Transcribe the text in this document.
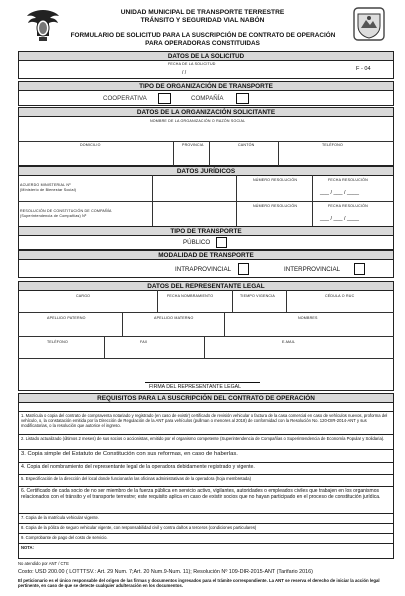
UNIDAD MUNICIPAL DE TRANSPORTE TERRESTRE
TRÁNSITO Y SEGURIDAD VIAL NABÓN
FORMULARIO DE SOLICITUD PARA LA SUSCRIPCIÓN DE CONTRATO DE OPERACIÓN
PARA OPERADORAS CONSTITUIDAS
DATOS DE LA SOLICITUD
FECHA DE LA SOLICITUD
/ /
F - 04
TIPO DE ORGANIZACIÓN DE TRANSPORTE
COOPERATIVA	COMPAÑÍA
DATOS DE LA ORGANIZACIÓN SOLICITANTE
NOMBRE DE LA ORGANIZACIÓN O RAZÓN SOCIAL
DOMICILIO	PROVINCIA	CANTÓN	TELÉFONO
DATOS JURÍDICOS
ACUERDO MINISTERIAL Nº
(Ministerio de Bienestar Social)
NÚMERO RESOLUCIÓN	FECHA RESOLUCIÓN
___ / ___ / ____
RESOLUCIÓN DE CONSTITUCIÓN DE COMPAÑÍA
(Superintendencia de Compañías) Nº
NÚMERO RESOLUCIÓN	FECHA RESOLUCIÓN
___ / ___ / ____
TIPO DE TRANSPORTE
PÚBLICO
MODALIDAD DE TRANSPORTE
INTRAPROVINCIAL	INTERPROVINCIAL
DATOS DEL REPRESENTANTE LEGAL
CARGO	FECHA NOMBRAMIENTO	TIEMPO VIGENCIA	CÉDULA O RUC
APELLIDO PATERNO	APELLIDO MATERNO	NOMBRES
TELÉFONO	FAX	E-MAIL
FIRMA DEL REPRESENTANTE LEGAL
REQUISITOS PARA LA SUSCRIPCIÓN DEL CONTRATO DE OPERACIÓN
1. Matrícula o copia del contrato de compraventa notariado y registrado (en caso de existir) certificado de revisión vehicular o factura de la casa comercial en caso de vehículos nuevos, proforma del vehículo, o, la constatación emitida por la Dirección de Regulación de la ANT para vehículos (pullman o menores al 2018) de conformidad con la Resolución No. 120-DIR-2014-ANT y sus modificatorias, o la resolución que autorice el ingreso.
2. Listado actualizado (últimos 2 meses) de sus socios o accionistas, emitido por el organismo competente (Superintendencia de Compañías o Superintendencia de Economía Popular y Solidaria).
3. Copia simple del Estatuto de Constitución con sus reformas, en caso de haberlas.
4. Copia del nombramiento del representante legal de la operadora debidamente registrado y vigente.
5. Especificación de la dirección del local donde funcionarán las oficinas administrativas de la operadora (hoja membretada)
6. Certificado de cada socio de no ser miembro de la fuerza pública en servicio activo, vigilantes, autoridades o empleados civiles que trabajen en los organismos relacionados con el tránsito y el transporte terrestre; este requisito aplica en caso de existir socios que no hayan participado en el proceso de constitución jurídica.
7. Copia de la matrícula vehicular vigente.
8. Copia de la póliza de seguro vehicular vigente, con responsabilidad civil y contra daños a terceros (condiciones particulares)
9. Comprobante de pago del costo de servicio.
NOTA:
No atendido por ANT / CTE
Costo: USD 200.00 ( LOTTTSV.: Art. 29 Num. 7;Art. 20 Num.9-Num. 11); Resolución Nº 109-DIR-2015-ANT (Tarifario 2016)
El peticionario es el único responsable del origen de las firmas y documentos ingresados para el trámite correspondiente. La ANT se reserva el derecho de iniciar la acción legal pertinente, en caso de que se detecte cualquier adulteración en los documentos.
